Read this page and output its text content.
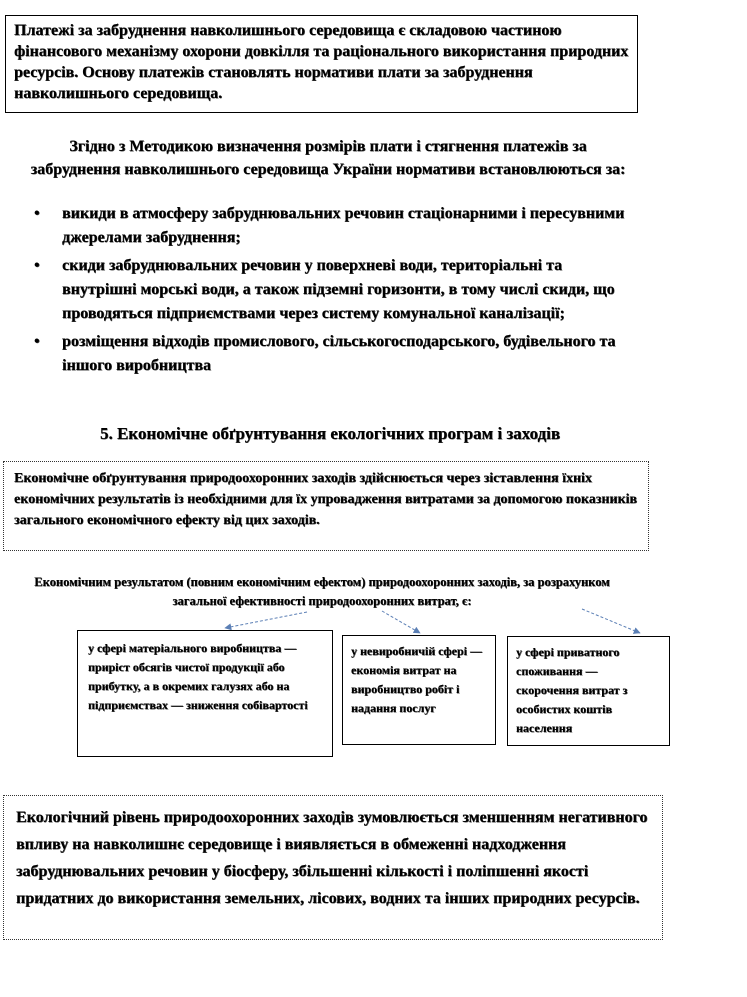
Платежі за забруднення навколишнього середовища є складовою частиною фінансового механізму охорони довкілля та раціонального використання природних ресурсів. Основу платежів становлять нормативи плати за забруднення навколишнього середовища.

Згідно з Методикою визначення розмірів плати і стягнення платежів за забруднення навколишнього середовища України нормативи встановлюються за:

• викиди в атмосферу забруднювальних речовин стаціонарними і пересувними джерелами забруднення;
• скиди забруднювальних речовин у поверхневі води, територіальні та внутрішні морські води, а також підземні горизонти, в тому числі скиди, що проводяться підприємствами через систему комунальної каналізації;
• розміщення відходів промислового, сільськогосподарського, будівельного та іншого виробництва
5. Економічне обґрунтування екологічних програм і заходів

Економічне обґрунтування природоохоронних заходів здійснюється через зіставлення їхніх економічних результатів із необхідними для їх упровадження витратами за допомогою показників загального економічного ефекту від цих заходів.

Економічним результатом (повним економічним ефектом) природоохоронних заходів, за розрахунком загальної ефективності природоохоронних витрат, є:

у сфері матеріального виробництва — приріст обсягів чистої продукції або прибутку, а в окремих галузях або на підприємствах — зниження собівартості

у невиробничій сфері — економія витрат на виробництво робіт і надання послуг

у сфері приватного споживання — скорочення витрат з особистих коштів населення

Екологічний рівень природоохоронних заходів зумовлюється зменшенням негативного впливу на навколишнє середовище і виявляється в обмеженні надходження забруднювальних речовин у біосферу, збільшенні кількості і поліпшенні якості придатних до використання земельних, лісових, водних та інших природних ресурсів.
